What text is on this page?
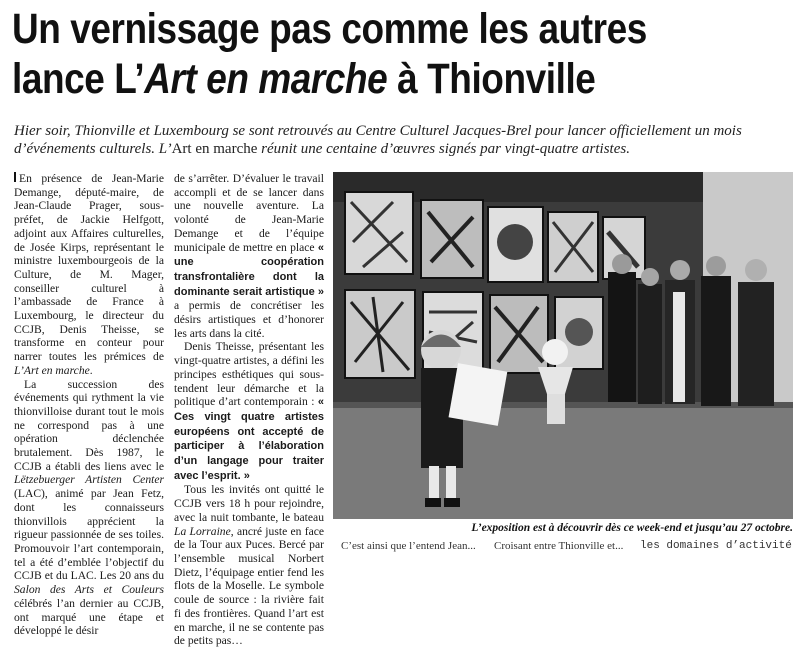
Un vernissage pas comme les autres
lance L’Art en marche à Thionville

Hier soir, Thionville et Luxembourg se sont retrouvés au Centre Culturel Jacques-Brel pour lancer officiellement un mois d’événements culturels. L’Art en marche réunit une centaine d’œuvres signés par vingt-quatre artistes.

En présence de Jean-Marie Demange, député-maire, de Jean-Claude Prager, sous-préfet, de Jackie Helfgott, adjoint aux Affaires culturelles, de Josée Kirps, représentant le ministre luxembourgeois de la Culture, de M. Mager, conseiller culturel à l’ambassade de France à Luxembourg, le directeur du CCJB, Denis Theisse, se transforme en conteur pour narrer toutes les prémices de L’Art en marche.

La succession des événements qui rythment la vie thionvilloise durant tout le mois ne correspond pas à une opération déclenchée brutalement. Dès 1987, le CCJB a établi des liens avec le Lëtzebuerger Artisten Center (LAC), animé par Jean Fetz, dont les connaisseurs thionvillois apprécient la rigueur passionnée de ses toiles. Promouvoir l’art contemporain, tel a été d’emblée l’objectif du CCJB et du LAC. Les 20 ans du Salon des Arts et Couleurs célébrés l’an dernier au CCJB, ont marqué une étape et développé le désir

de s’arrêter. D’évaluer le travail accompli et de se lancer dans une nouvelle aventure. La volonté de Jean-Marie Demange et de l’équipe municipale de mettre en place « une coopération transfrontalière dont la dominante serait artistique » a permis de concrétiser les désirs artistiques et d’honorer les arts dans la cité.

Denis Theisse, présentant les vingt-quatre artistes, a défini les principes esthétiques qui sous-tendent leur démarche et la politique d’art contemporain : « Ces vingt quatre artistes européens ont accepté de participer à l’élaboration d’un langage pour traiter avec l’esprit. »

Tous les invités ont quitté le CCJB vers 18 h pour rejoindre, avec la nuit tombante, le bateau La Lorraine, ancré juste en face de la Tour aux Puces. Bercé par l’ensemble musical Norbert Dietz, l’équipage entier fend les flots de la Moselle. Le symbole coule de source : la rivière fait fi des frontières. Quand l’art est en marche, il ne se contente pas de petits pas…

L’exposition est à découvrir dès ce week-end et jusqu’au 27 octobre.

C’est ainsi que l’entend Jean... Croisant entre Thionville et... les domaines d’activité
